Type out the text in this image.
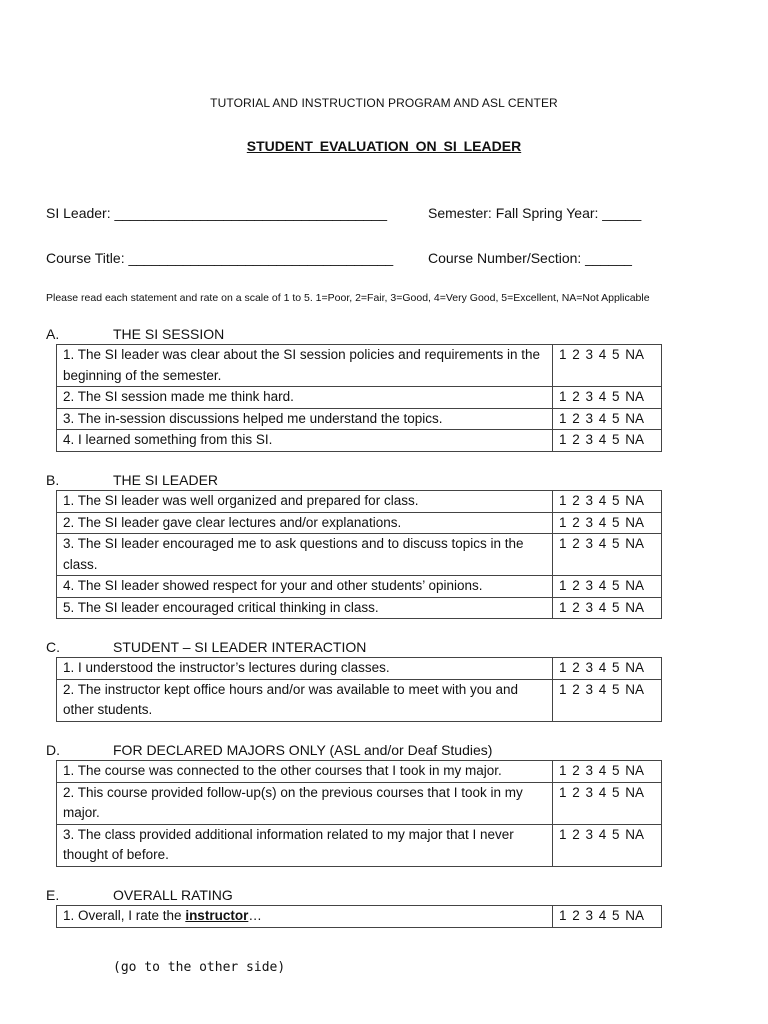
TUTORIAL AND INSTRUCTION PROGRAM AND ASL CENTER
STUDENT EVALUATION ON SI LEADER
SI Leader: ___________________________________	Semester: Fall Spring Year: _____
Course Title: __________________________________ Course Number/Section: ______
Please read each statement and rate on a scale of 1 to 5. 1=Poor, 2=Fair, 3=Good, 4=Very Good, 5=Excellent, NA=Not Applicable
A.	THE SI SESSION
1. The SI leader was clear about the SI session policies and requirements in the beginning of the semester.	1 2 3 4 5 NA
2. The SI session made me think hard.	1 2 3 4 5 NA
3. The in-session discussions helped me understand the topics.	1 2 3 4 5 NA
4. I learned something from this SI.	1 2 3 4 5 NA
B.	THE SI LEADER
1. The SI leader was well organized and prepared for class.	1 2 3 4 5 NA
2. The SI leader gave clear lectures and/or explanations.	1 2 3 4 5 NA
3. The SI leader encouraged me to ask questions and to discuss topics in the class.	1 2 3 4 5 NA
4. The SI leader showed respect for your and other students’ opinions.	1 2 3 4 5 NA
5. The SI leader encouraged critical thinking in class.	1 2 3 4 5 NA
C.	STUDENT – SI LEADER INTERACTION
1. I understood the instructor’s lectures during classes.	1 2 3 4 5 NA
2. The instructor kept office hours and/or was available to meet with you and other students.	1 2 3 4 5 NA
D.	FOR DECLARED MAJORS ONLY (ASL and/or Deaf Studies)
1. The course was connected to the other courses that I took in my major.	1 2 3 4 5 NA
2. This course provided follow-up(s) on the previous courses that I took in my major.	1 2 3 4 5 NA
3. The class provided additional information related to my major that I never thought of before.	1 2 3 4 5 NA
E.	OVERALL RATING
1. Overall, I rate the instructor…	1 2 3 4 5 NA
(go to the other side)
